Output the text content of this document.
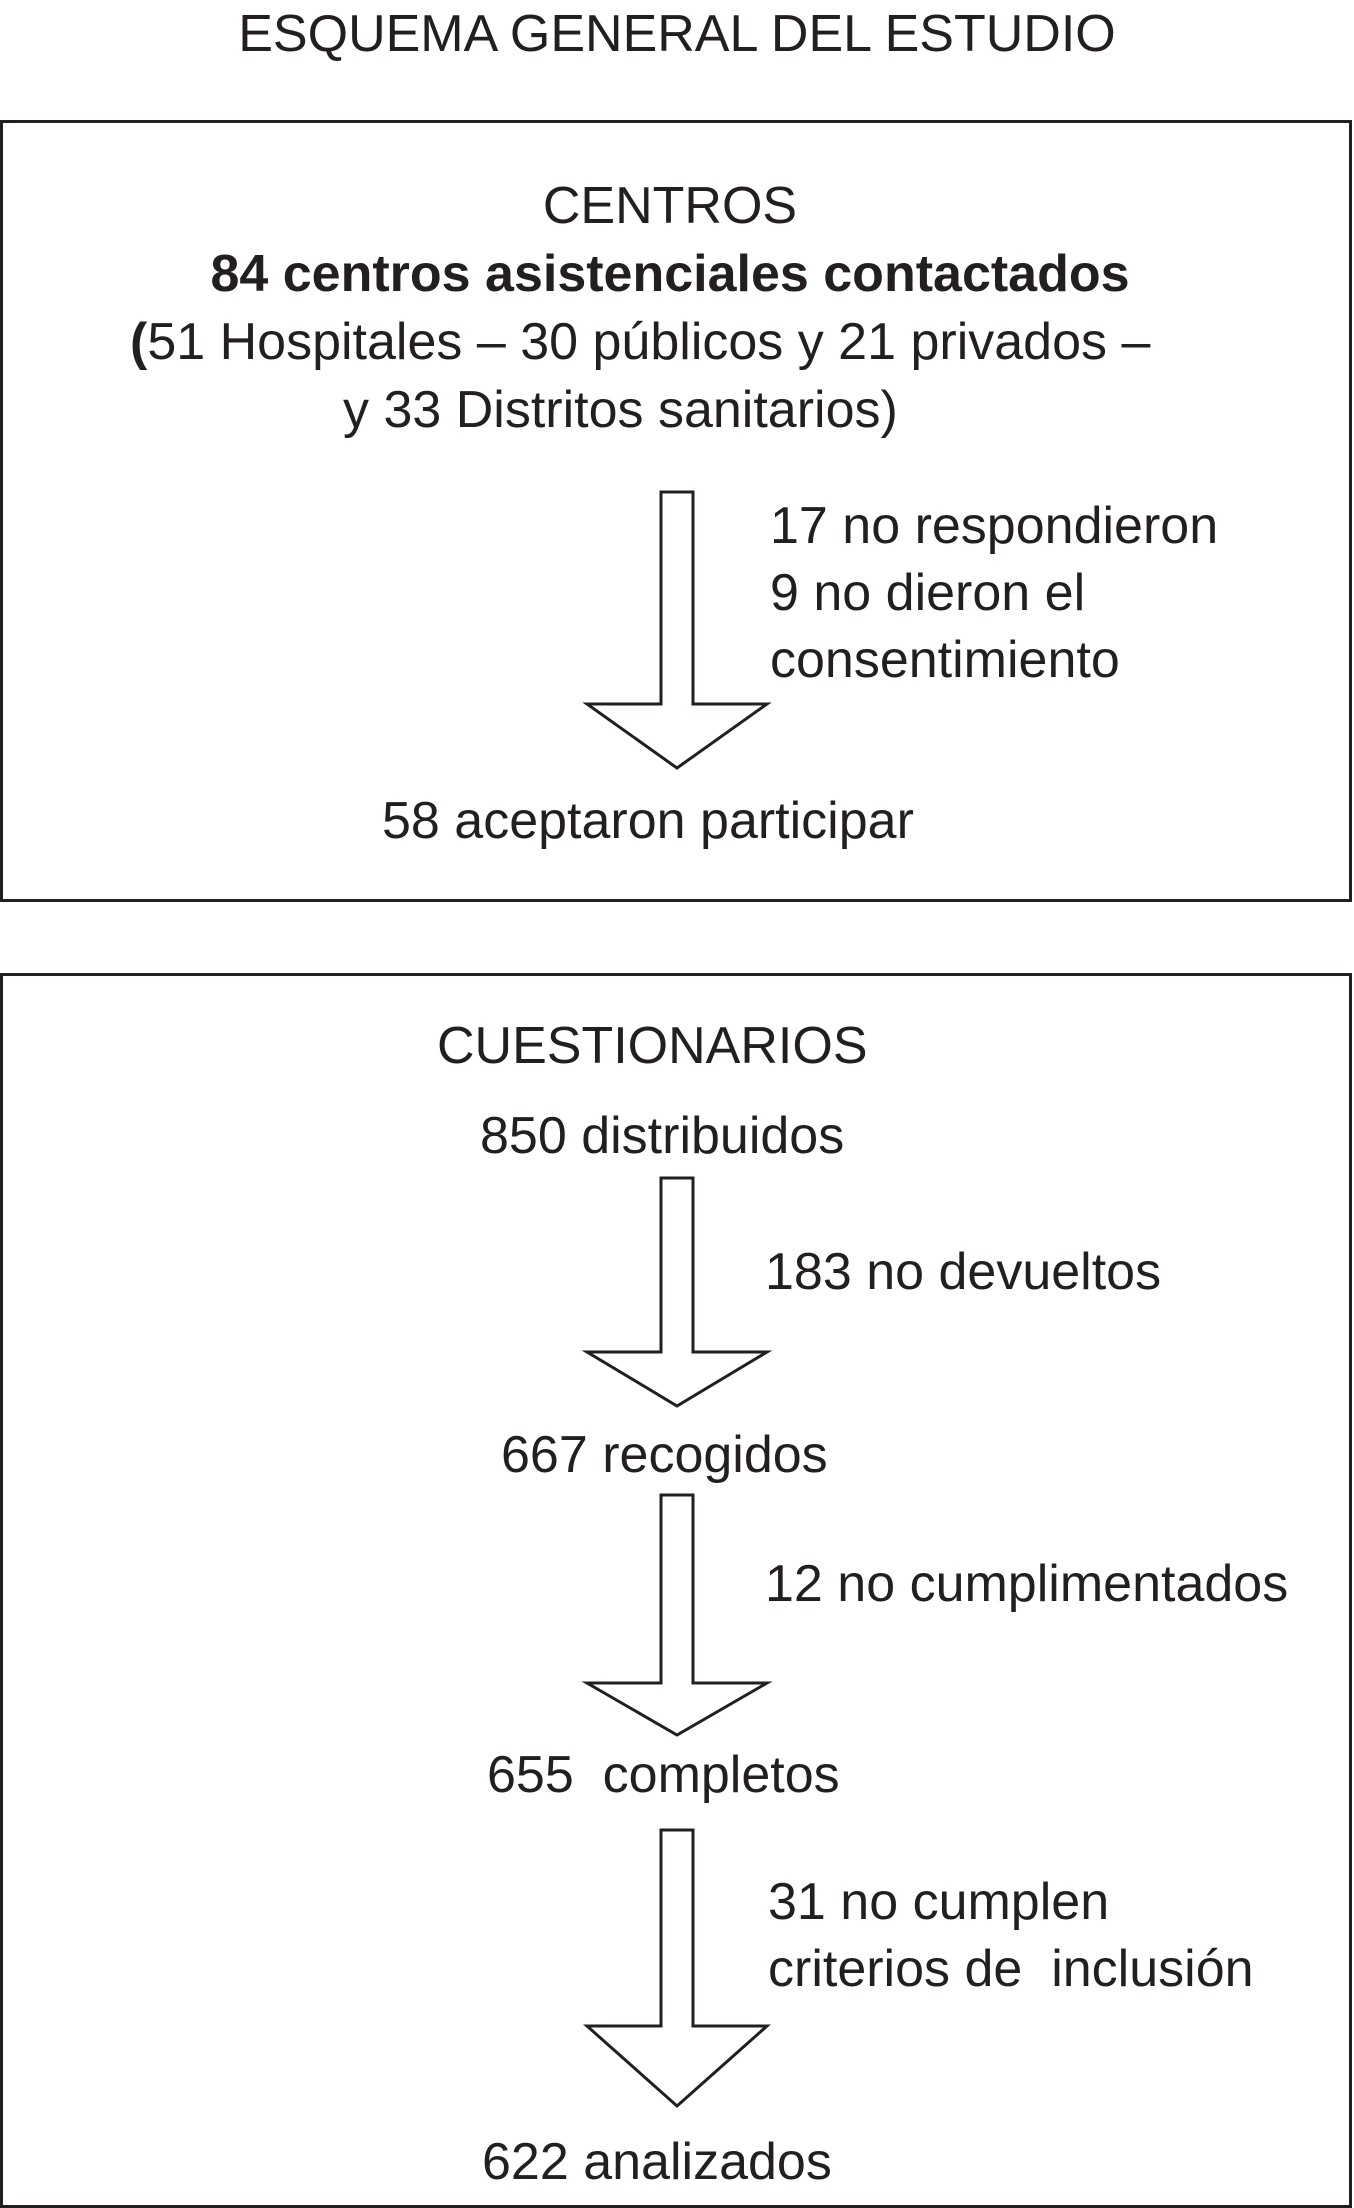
ESQUEMA GENERAL DEL ESTUDIO
CENTROS
84 centros asistenciales contactados
(51 Hospitales – 30 públicos y 21 privados –
y 33 Distritos sanitarios)
17 no respondieron
9 no dieron el
consentimiento
58 aceptaron participar
CUESTIONARIOS
850 distribuidos
183 no devueltos
667 recogidos
12 no cumplimentados
655  completos
31 no cumplen
criterios de  inclusión
622 analizados
